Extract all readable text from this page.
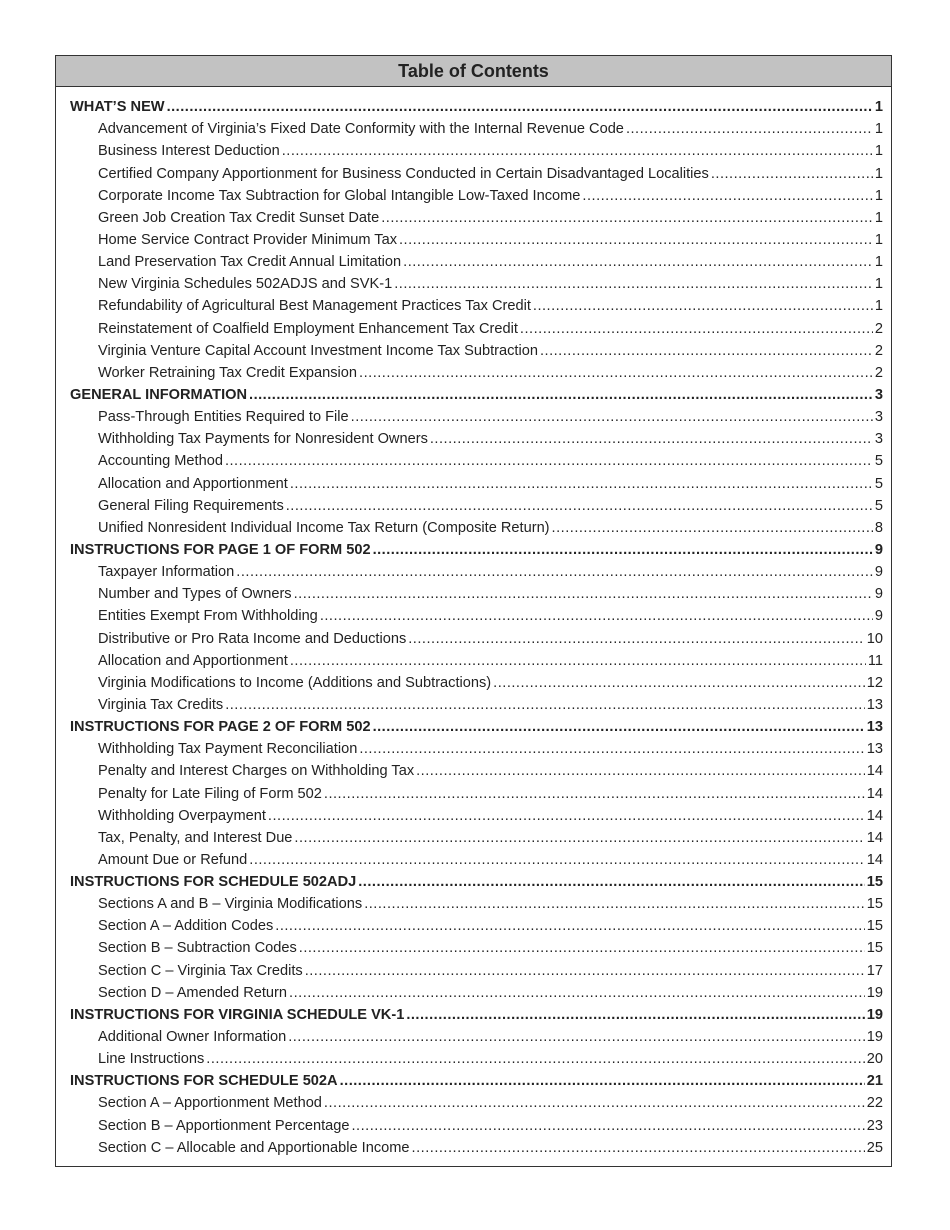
Table of Contents
WHAT’S NEW .....	1
Advancement of Virginia’s Fixed Date Conformity with the Internal Revenue Code .....	1
Business Interest Deduction .....	1
Certified Company Apportionment for Business Conducted in Certain Disadvantaged Localities .....	1
Corporate Income Tax Subtraction for Global Intangible Low-Taxed Income .....	1
Green Job Creation Tax Credit Sunset Date .....	1
Home Service Contract Provider Minimum Tax .....	1
Land Preservation Tax Credit Annual Limitation .....	1
New Virginia Schedules 502ADJS and SVK-1 .....	1
Refundability of Agricultural Best Management Practices Tax Credit .....	1
Reinstatement of Coalfield Employment Enhancement Tax Credit .....	2
Virginia Venture Capital Account Investment Income Tax Subtraction .....	2
Worker Retraining Tax Credit Expansion .....	2
GENERAL INFORMATION .....	3
Pass-Through Entities Required to File .....	3
Withholding Tax Payments for Nonresident Owners .....	3
Accounting Method .....	5
Allocation and Apportionment .....	5
General Filing Requirements .....	5
Unified Nonresident Individual Income Tax Return (Composite Return) .....	8
INSTRUCTIONS FOR PAGE 1 OF FORM 502 .....	9
Taxpayer Information .....	9
Number and Types of Owners .....	9
Entities Exempt From Withholding .....	9
Distributive or Pro Rata Income and Deductions .....	10
Allocation and Apportionment .....	11
Virginia Modifications to Income (Additions and Subtractions) .....	12
Virginia Tax Credits .....	13
INSTRUCTIONS FOR PAGE 2 OF FORM 502 .....	13
Withholding Tax Payment Reconciliation .....	13
Penalty and Interest Charges on Withholding Tax .....	14
Penalty for Late Filing of Form 502 .....	14
Withholding Overpayment .....	14
Tax, Penalty, and Interest Due .....	14
Amount Due or Refund .....	14
INSTRUCTIONS FOR SCHEDULE 502ADJ .....	15
Sections A and B – Virginia Modifications .....	15
Section A – Addition Codes .....	15
Section B – Subtraction Codes .....	15
Section C – Virginia Tax Credits .....	17
Section D – Amended Return .....	19
INSTRUCTIONS FOR VIRGINIA SCHEDULE VK-1 .....	19
Additional Owner Information .....	19
Line Instructions .....	20
INSTRUCTIONS FOR SCHEDULE 502A .....	21
Section A – Apportionment Method .....	22
Section B – Apportionment Percentage .....	23
Section C – Allocable and Apportionable Income .....	25
